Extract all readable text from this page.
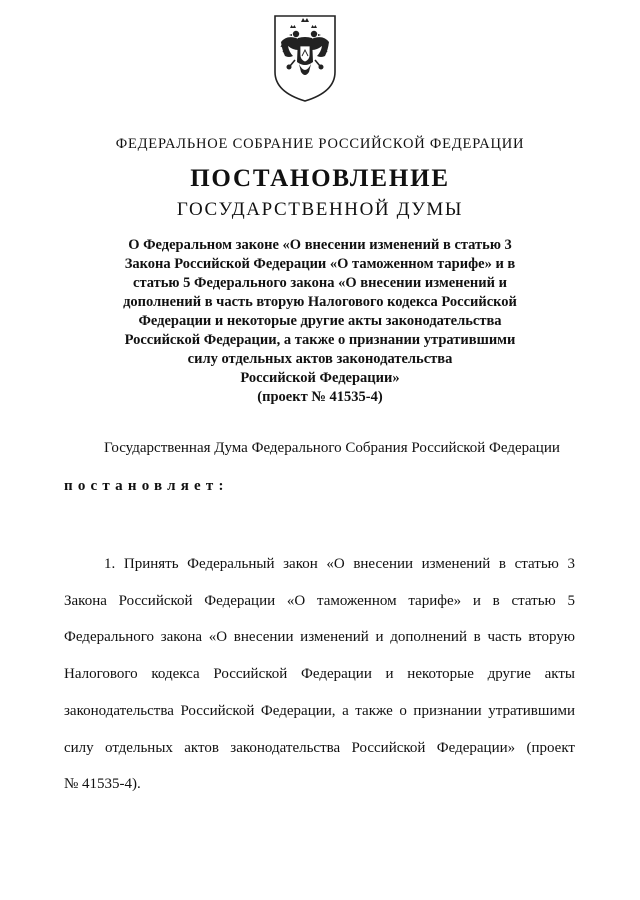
ФЕДЕРАЛЬНОЕ СОБРАНИЕ РОССИЙСКОЙ ФЕДЕРАЦИИ
ПОСТАНОВЛЕНИЕ
ГОСУДАРСТВЕННОЙ ДУМЫ
О Федеральном законе «О внесении изменений в статью 3
Закона Российской Федерации «О таможенном тарифе» и в
статью 5 Федерального закона «О внесении изменений и
дополнений в часть вторую Налогового кодекса Российской
Федерации и некоторые другие акты законодательства
Российской Федерации, а также о признании утратившими
силу отдельных актов законодательства
Российской Федерации»
(проект № 41535-4)
Государственная Дума Федерального Собрания Российской Федерации
постановляет:
1. Принять Федеральный закон «О внесении изменений в статью 3
Закона Российской Федерации «О таможенном тарифе» и в статью 5
Федерального закона «О внесении изменений и дополнений в часть вторую
Налогового кодекса Российской Федерации и некоторые другие акты
законодательства Российской Федерации, а также о признании утратившими
силу отдельных актов законодательства Российской Федерации» (проект
№ 41535-4).
